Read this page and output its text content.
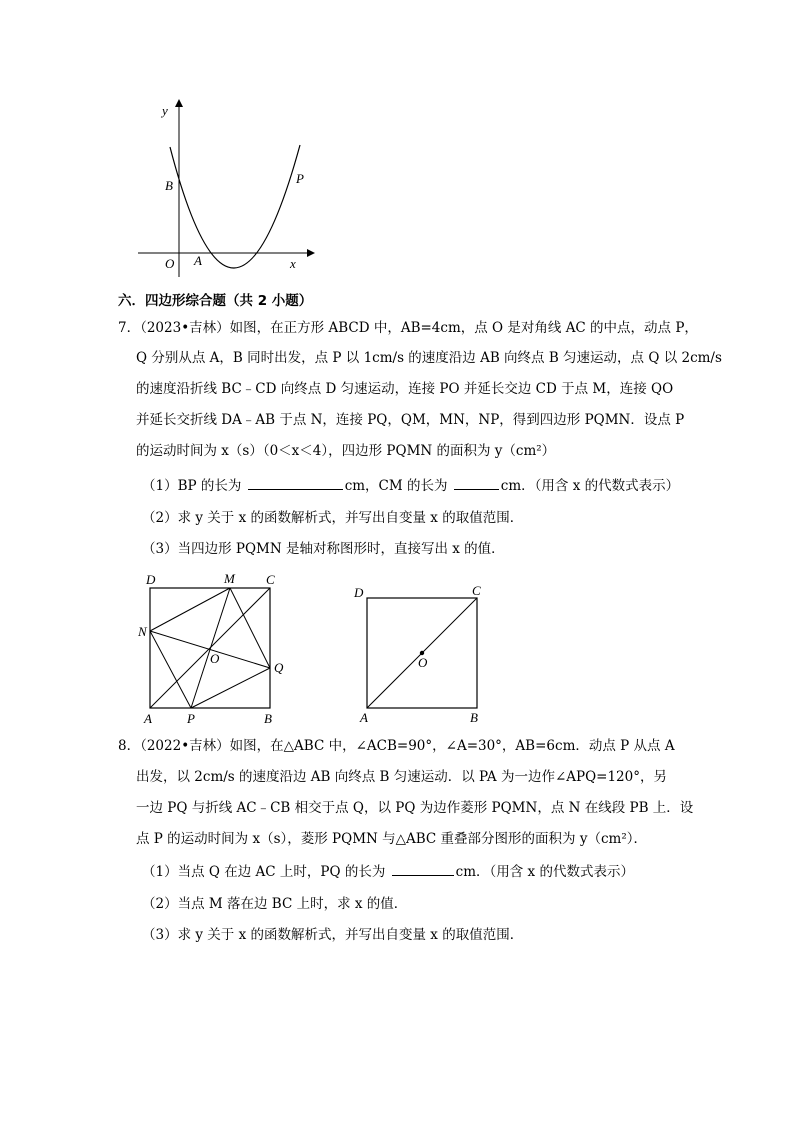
y
x
O A
B	P
六．四边形综合题（共 2 小题）
7．（2023•吉林）如图，在正方形 ABCD 中，AB=4cm，点 O 是对角线 AC 的中点，动点 P，
Q 分别从点 A，B 同时出发，点 P 以 1cm/s 的速度沿边 AB 向终点 B 匀速运动，点 Q 以 2cm/s
的速度沿折线 BC﹣CD 向终点 D 匀速运动，连接 PO 并延长交边 CD 于点 M，连接 QO
并延长交折线 DA﹣AB 于点 N，连接 PQ，QM，MN，NP，得到四边形 PQMN．设点 P
的运动时间为 x（s）（0＜x＜4），四边形 PQMN 的面积为 y（cm²）
（1）BP 的长为	cm，CM 的长为	cm．（用含 x 的代数式表示）
（2）求 y 关于 x 的函数解析式，并写出自变量 x 的取值范围．
（3）当四边形 PQMN 是轴对称图形时，直接写出 x 的值．
D	M C
N
O
Q
A	P	B
D	C
O
A	B
8．（2022•吉林）如图，在△ABC 中，∠ACB=90°，∠A=30°，AB=6cm．动点 P 从点 A
出发，以 2cm/s 的速度沿边 AB 向终点 B 匀速运动．以 PA 为一边作∠APQ=120°，另
一边 PQ 与折线 AC﹣CB 相交于点 Q，以 PQ 为边作菱形 PQMN，点 N 在线段 PB 上．设
点 P 的运动时间为 x（s），菱形 PQMN 与△ABC 重叠部分图形的面积为 y（cm²）．
（1）当点 Q 在边 AC 上时，PQ 的长为	cm．（用含 x 的代数式表示）
（2）当点 M 落在边 BC 上时，求 x 的值．
（3）求 y 关于 x 的函数解析式，并写出自变量 x 的取值范围．
